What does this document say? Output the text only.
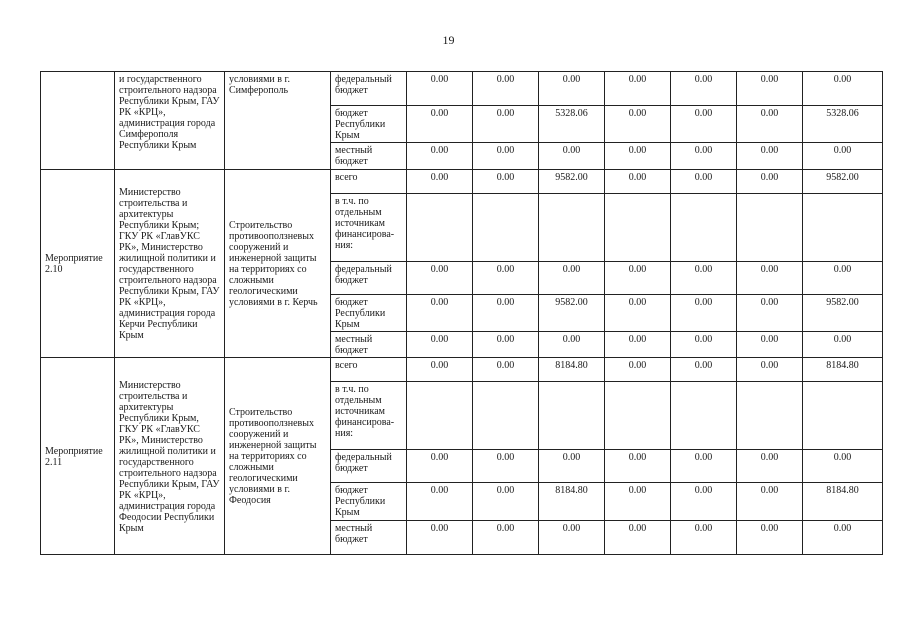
19
	и государственного строительного надзора Республики Крым, ГАУ РК «КРЦ», администрация города Симферополя Республики Крым	условиями в г. Симферополь	федеральный бюджет	0.00	0.00	0.00	0.00	0.00	0.00	0.00
			бюджет Республики Крым	0.00	0.00	5328.06	0.00	0.00	0.00	5328.06
			местный бюджет	0.00	0.00	0.00	0.00	0.00	0.00	0.00
Мероприятие 2.10	Министерство строительства и архитектуры Республики Крым; ГКУ РК «ГлавУКС РК», Министерство жилищной политики и государственного строительного надзора Республики Крым, ГАУ РК «КРЦ», администрация города Керчи Республики Крым	Строительство противооползневых сооружений и инженерной защиты на территориях со сложными геологическими условиями в г. Керчь	всего	0.00	0.00	9582.00	0.00	0.00	0.00	9582.00
			в т.ч. по отдельным источникам финансирова-ния:							
			федеральный бюджет	0.00	0.00	0.00	0.00	0.00	0.00	0.00
			бюджет Республики Крым	0.00	0.00	9582.00	0.00	0.00	0.00	9582.00
			местный бюджет	0.00	0.00	0.00	0.00	0.00	0.00	0.00
Мероприятие 2.11	Министерство строительства и архитектуры Республики Крым, ГКУ РК «ГлавУКС РК», Министерство жилищной политики и государственного строительного надзора Республики Крым, ГАУ РК «КРЦ», администрация города Феодосии Республики Крым	Строительство противооползневых сооружений и инженерной защиты на территориях со сложными геологическими условиями в г. Феодосия	всего	0.00	0.00	8184.80	0.00	0.00	0.00	8184.80
			в т.ч. по отдельным источникам финансирова-ния:							
			федеральный бюджет	0.00	0.00	0.00	0.00	0.00	0.00	0.00
			бюджет Республики Крым	0.00	0.00	8184.80	0.00	0.00	0.00	8184.80
			местный бюджет	0.00	0.00	0.00	0.00	0.00	0.00	0.00
